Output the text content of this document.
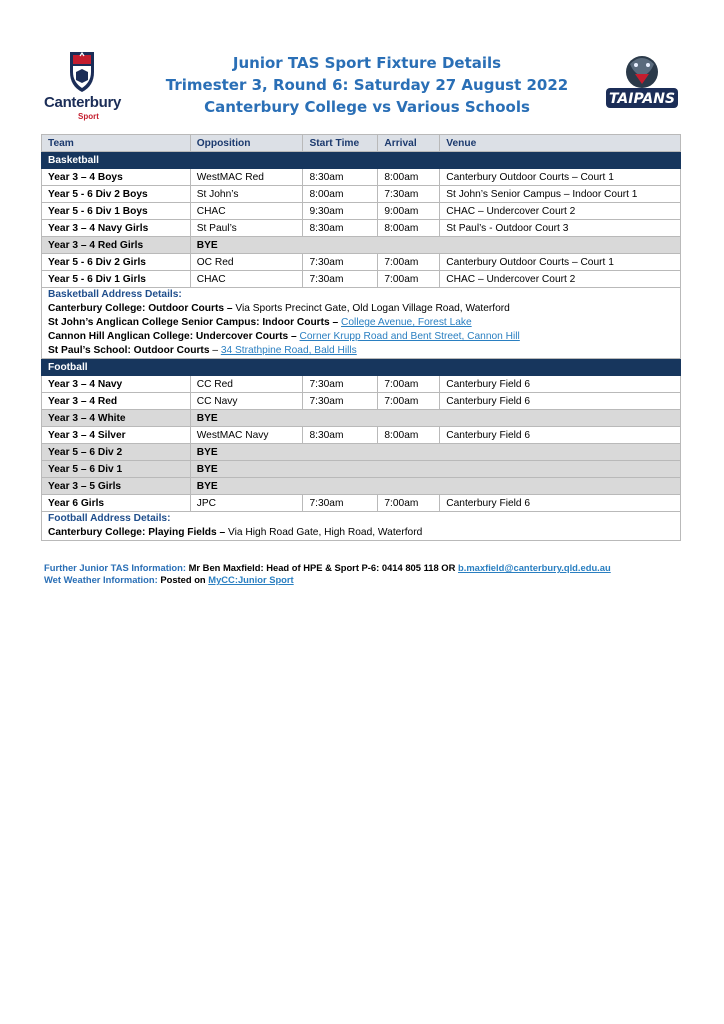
Canterbury
Sport
Junior TAS Sport Fixture Details
Trimester 3, Round 6: Saturday 27 August 2022
Canterbury College vs Various Schools	TAIPANS
Team	Opposition	Start Time	Arrival	Venue
Basketball				
Year 3 – 4 Boys	WestMAC Red	8:30am	8:00am	Canterbury Outdoor Courts – Court 1
Year 5 - 6 Div 2 Boys	St John’s	8:00am	7:30am	St John’s Senior Campus – Indoor Court 1
Year 5 - 6 Div 1 Boys	CHAC	9:30am	9:00am	CHAC – Undercover Court 2
Year 3 – 4 Navy Girls	St Paul’s	8:30am	8:00am	St Paul’s - Outdoor Court 3
Year 3 – 4 Red Girls	BYE			
Year 5 - 6 Div 2 Girls	OC Red	7:30am	7:00am	Canterbury Outdoor Courts – Court 1
Year 5 - 6 Div 1 Girls	CHAC	7:30am	7:00am	CHAC – Undercover Court 2

Basketball Address Details:
Canterbury College: Outdoor Courts – Via Sports Precinct Gate, Old Logan Village Road, Waterford
St John’s Anglican College Senior Campus: Indoor Courts – College Avenue, Forest Lake
Cannon Hill Anglican College: Undercover Courts – Corner Krupp Road and Bent Street, Cannon Hill
St Paul’s School: Outdoor Courts – 34 Strathpine Road, Bald Hills				

Football				
Year 3 – 4 Navy	CC Red	7:30am	7:00am	Canterbury Field 6
Year 3 – 4 Red	CC Navy	7:30am	7:00am	Canterbury Field 6
Year 3 – 4 White	BYE			
Year 3 – 4 Silver	WestMAC Navy	8:30am	8:00am	Canterbury Field 6
Year 5 – 6 Div 2	BYE			
Year 5 – 6 Div 1	BYE			
Year 3 – 5 Girls	BYE			
Year 6 Girls	JPC	7:30am	7:00am	Canterbury Field 6

Football Address Details:
Canterbury College: Playing Fields – Via High Road Gate, High Road, Waterford				
Further Junior TAS Information: Mr Ben Maxfield: Head of HPE & Sport P-6: 0414 805 118 OR b.maxfield@canterbury.qld.edu.au
Wet Weather Information: Posted on MyCC:Junior Sport
